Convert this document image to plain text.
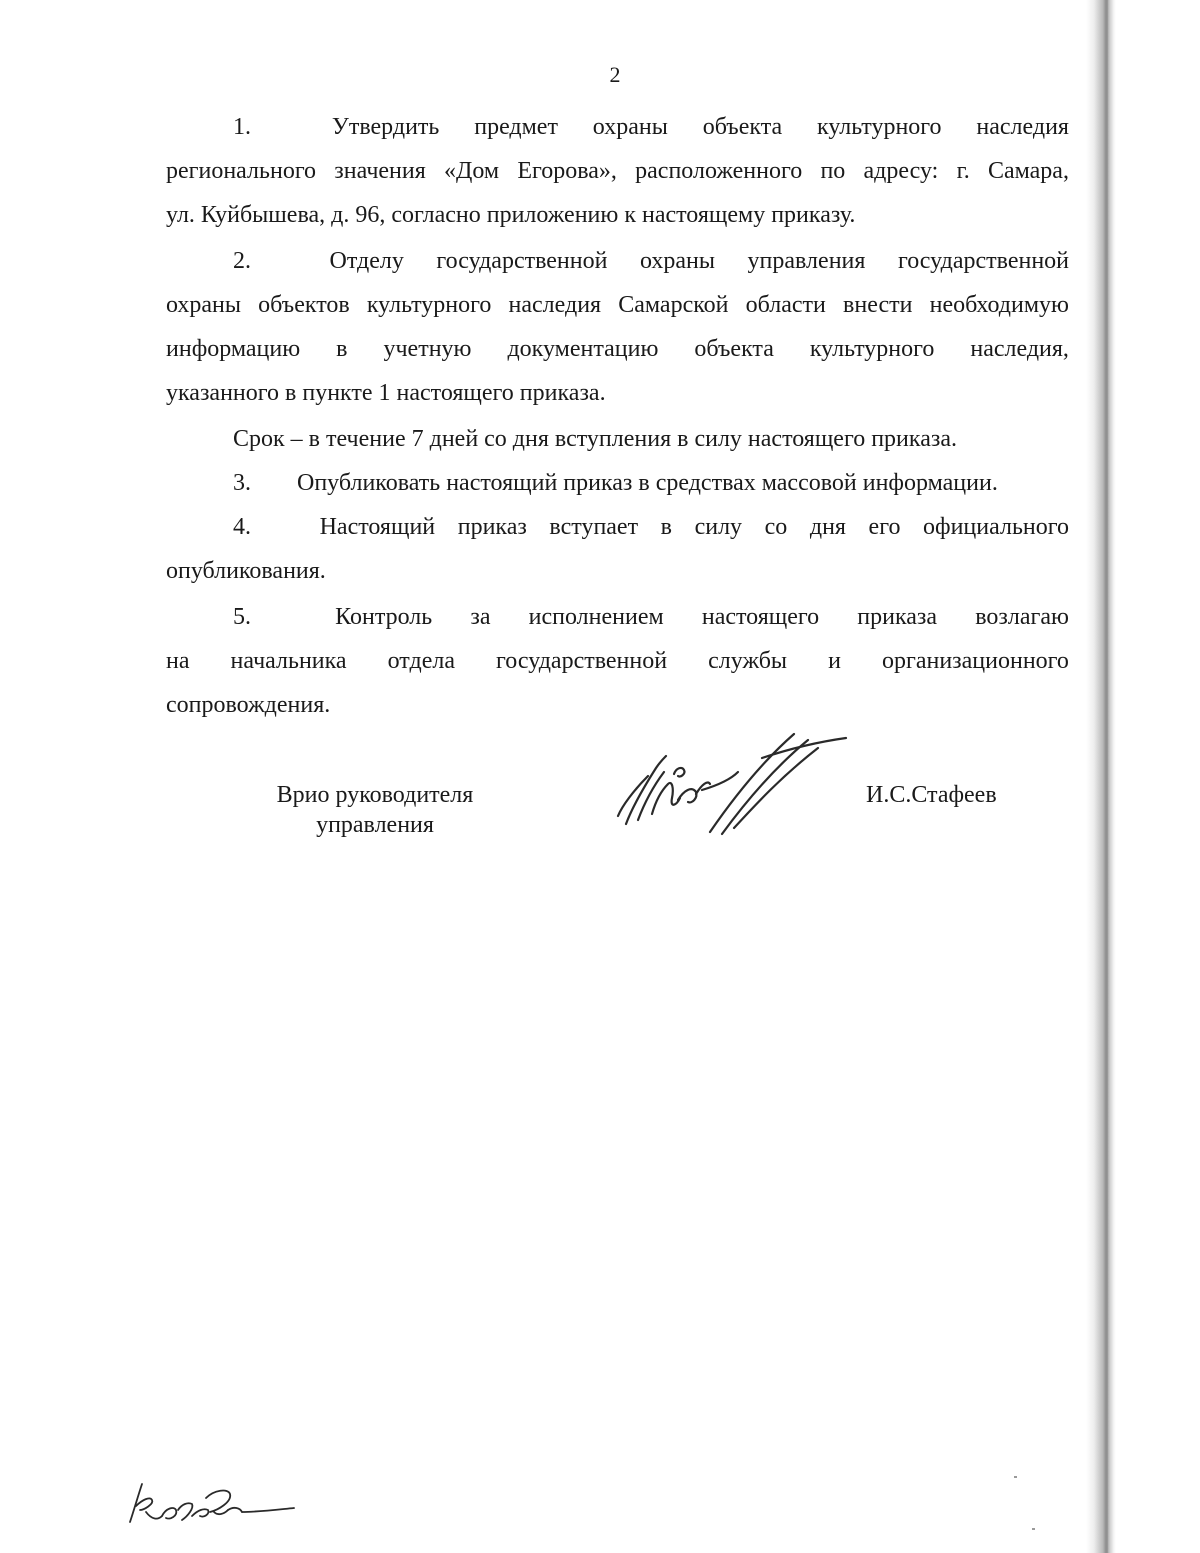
2
1.	Утвердить предмет охраны объекта культурного наследия
регионального значения «Дом Егорова», расположенного по адресу: г. Самара,
ул. Куйбышева, д. 96, согласно приложению к настоящему приказу.
2.	Отделу государственной охраны управления государственной
охраны объектов культурного наследия Самарской области внести необходимую
информацию в учетную документацию объекта культурного наследия,
указанного в пункте 1 настоящего приказа.
Срок – в течение 7 дней со дня вступления в силу настоящего приказа.
3. Опубликовать настоящий приказ в средствах массовой информации.
4.	Настоящий приказ вступает в силу со дня его официального
опубликования.
5.	Контроль за исполнением настоящего приказа возлагаю
на начальника отдела государственной службы и организационного
сопровождения.
Врио руководителя
управления
И.С.Стафеев
